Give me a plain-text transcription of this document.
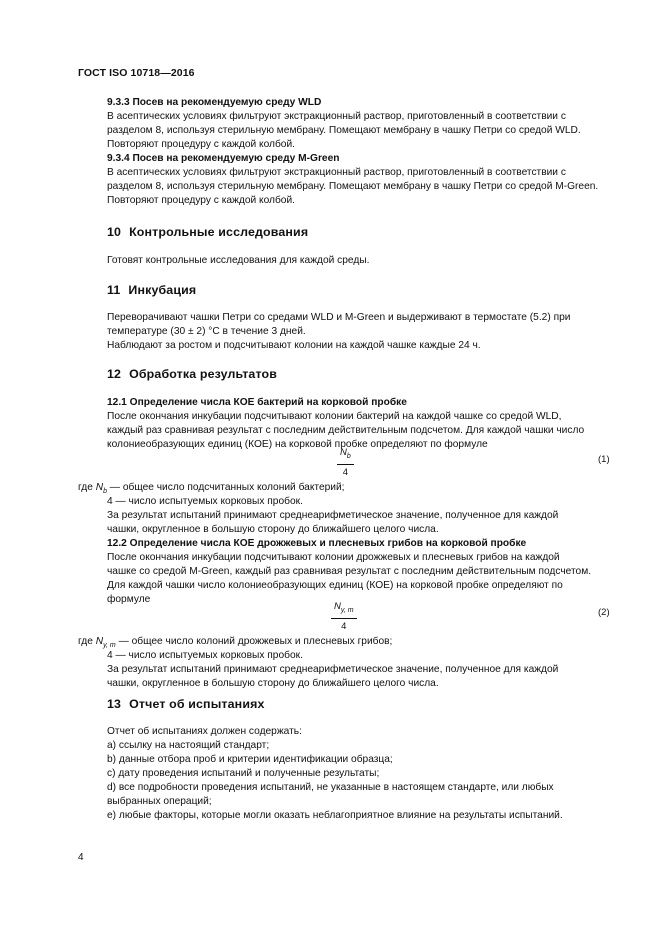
ГОСТ ISO 10718—2016
9.3.3 Посев на рекомендуемую среду WLD
В асептических условиях фильтруют экстракционный раствор, приготовленный в соответствии с
разделом 8, используя стерильную мембрану. Помещают мембрану в чашку Петри со средой WLD.
Повторяют процедуру с каждой колбой.
9.3.4 Посев на рекомендуемую среду M-Green
В асептических условиях фильтруют экстракционный раствор, приготовленный в соответствии с
разделом 8, используя стерильную мембрану. Помещают мембрану в чашку Петри со средой M-Green.
Повторяют процедуру с каждой колбой.
10 Контрольные исследования
Готовят контрольные исследования для каждой среды.
11 Инкубация
Переворачивают чашки Петри со средами WLD и M-Green и выдерживают в термостате (5.2) при
температуре (30 ± 2) °С в течение 3 дней.
Наблюдают за ростом и подсчитывают колонии на каждой чашке каждые 24 ч.
12 Обработка результатов
12.1 Определение числа КОЕ бактерий на корковой пробке
После окончания инкубации подсчитывают колонии бактерий на каждой чашке со средой WLD,
каждый раз сравнивая результат с последним действительным подсчетом. Для каждой чашки число
колониеобразующих единиц (КОЕ) на корковой пробке определяют по формуле
$\frac{N_b}{4}$	(1)
где $N_b$ — общее число подсчитанных колоний бактерий;
4 — число испытуемых корковых пробок.
За результат испытаний принимают среднеарифметическое значение, полученное для каждой
чашки, округленное в большую сторону до ближайшего целого числа.
12.2 Определение числа КОЕ дрожжевых и плесневых грибов на корковой пробке
После окончания инкубации подсчитывают колонии дрожжевых и плесневых грибов на каждой
чашке со средой M-Green, каждый раз сравнивая результат с последним действительным подсчетом.
Для каждой чашки число колониеобразующих единиц (КОЕ) на корковой пробке определяют по
формуле
$\frac{N_{y, m}}{4}$	(2)
где $N_{y, m}$ — общее число колоний дрожжевых и плесневых грибов;
4 — число испытуемых корковых пробок.
За результат испытаний принимают среднеарифметическое значение, полученное для каждой
чашки, округленное в большую сторону до ближайшего целого числа.
13 Отчет об испытаниях
Отчет об испытаниях должен содержать:
а) ссылку на настоящий стандарт;
b) данные отбора проб и критерии идентификации образца;
c) дату проведения испытаний и полученные результаты;
d) все подробности проведения испытаний, не указанные в настоящем стандарте, или любых
выбранных операций;
e) любые факторы, которые могли оказать неблагоприятное влияние на результаты испытаний.
4
